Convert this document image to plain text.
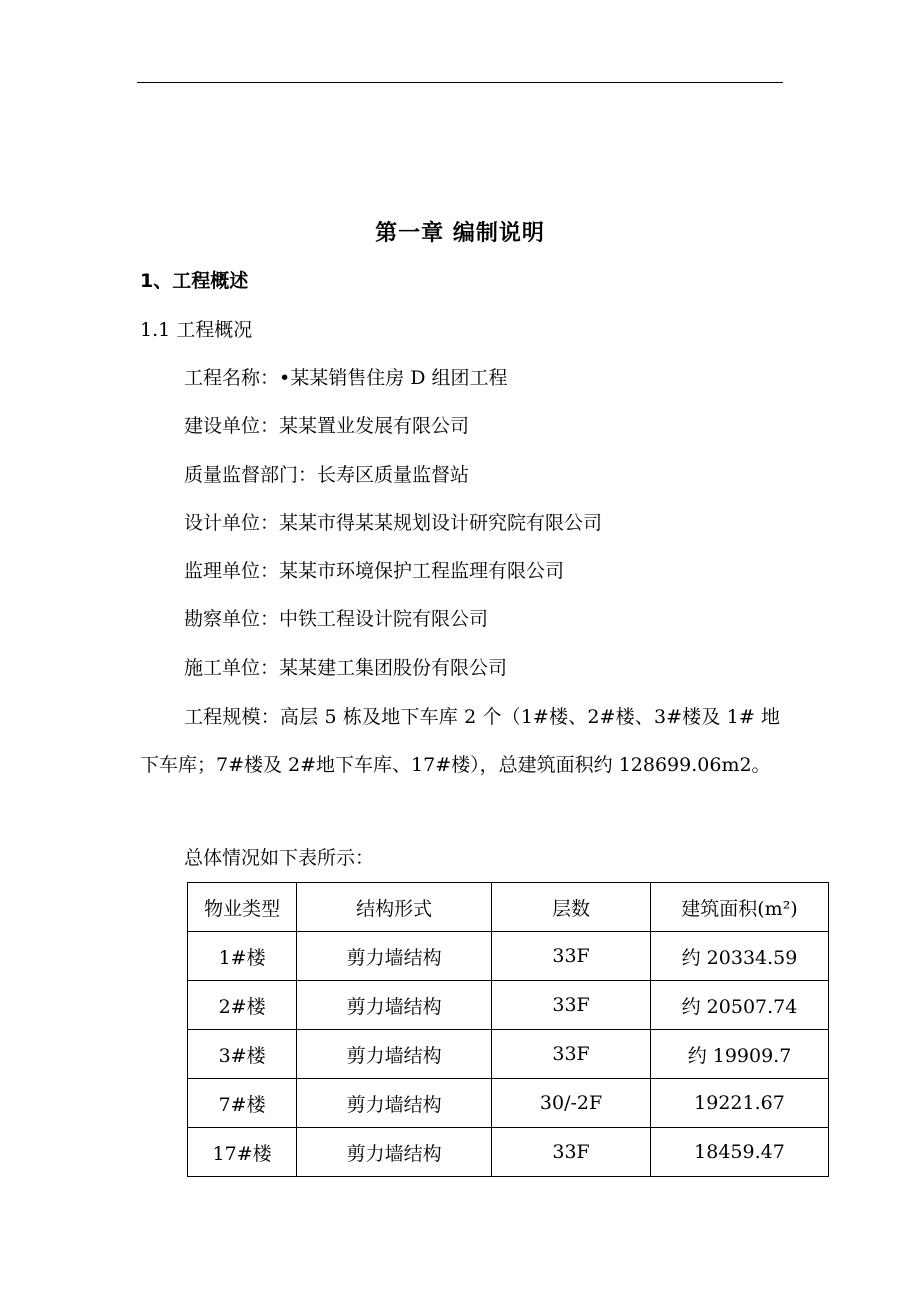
第一章 编制说明
1、工程概述
1.1 工程概况
工程名称：•某某销售住房 D 组团工程
建设单位：某某置业发展有限公司
质量监督部门：长寿区质量监督站
设计单位：某某市得某某规划设计研究院有限公司
监理单位：某某市环境保护工程监理有限公司
勘察单位：中铁工程设计院有限公司
施工单位：某某建工集团股份有限公司

工程规模：高层 5 栋及地下车库 2 个（1#楼、2#楼、3#楼及 1# 地下车库；7#楼及 2#地下车库、17#楼），总建筑面积约 128699.06m2。

总体情况如下表所示：
物业类型	结构形式	层数	建筑面积(m²)
1#楼	剪力墙结构	33F	约 20334.59
2#楼	剪力墙结构	33F	约 20507.74
3#楼	剪力墙结构	33F	约 19909.7
7#楼	剪力墙结构	30/-2F	19221.67
17#楼	剪力墙结构	33F	18459.47
